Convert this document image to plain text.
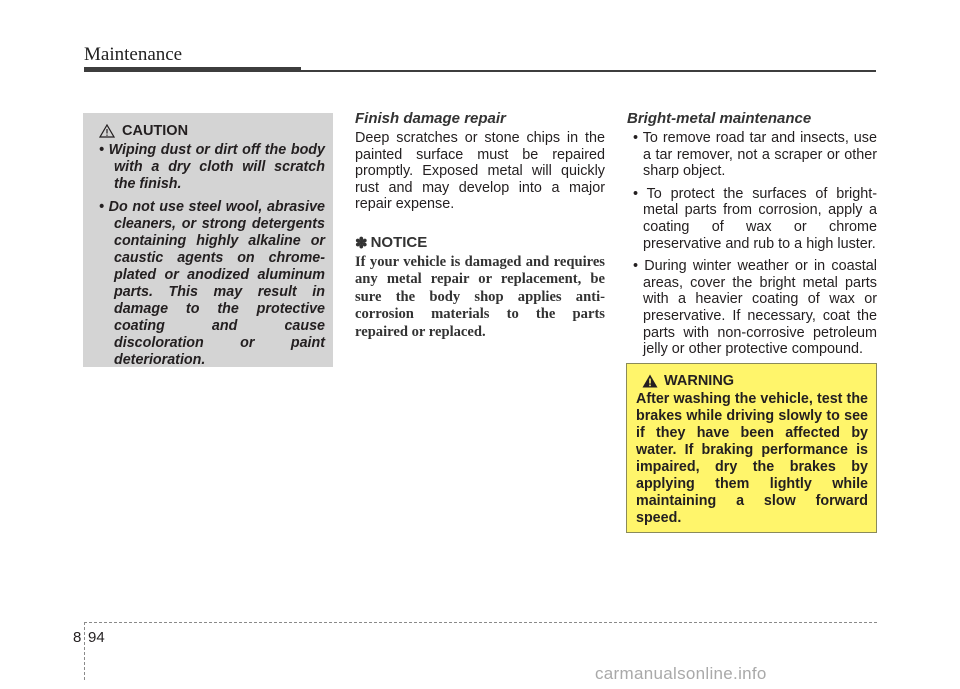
Maintenance
CAUTION
• Wiping dust or dirt off the body with a dry cloth will scratch the finish.
• Do not use steel wool, abrasive cleaners, or strong detergents containing highly alkaline or caustic agents on chrome-plated or anodized aluminum parts. This may result in damage to the protective coating and cause discoloration or paint deterioration.
Finish damage repair

Deep scratches or stone chips in the painted surface must be repaired promptly. Exposed metal will quickly rust and may develop into a major repair expense.

✽ NOTICE
If your vehicle is damaged and requires any metal repair or replacement, be sure the body shop applies anti-corrosion materials to the parts repaired or replaced.
Bright-metal maintenance
• To remove road tar and insects, use a tar remover, not a scraper or other sharp object.
• To protect the surfaces of bright-metal parts from corrosion, apply a coating of wax or chrome preservative and rub to a high luster.
• During winter weather or in coastal areas, cover the bright metal parts with a heavier coating of wax or preservative. If necessary, coat the parts with non-corrosive petroleum jelly or other protective compound.
WARNING

After washing the vehicle, test the brakes while driving slowly to see if they have been affected by water. If braking performance is impaired, dry the brakes by applying them lightly while maintaining a slow forward speed.

8 94
carmanualsonline.info
